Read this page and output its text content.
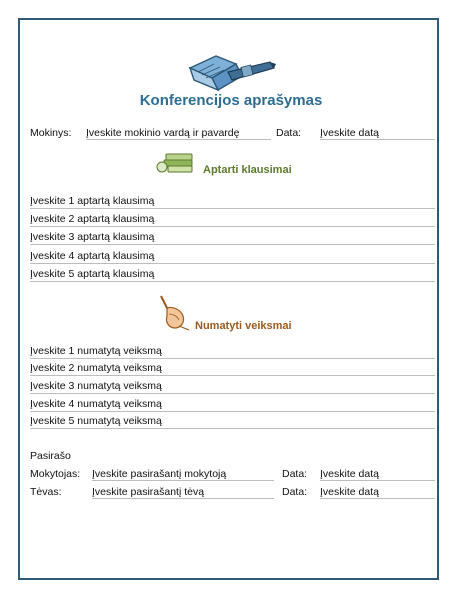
Konferencijos aprašymas
Mokinys: Įveskite mokinio vardą ir pavardę	Data: Įveskite datą
Aptarti klausimai
Įveskite 1 aptartą klausimą
Įveskite 2 aptartą klausimą
Įveskite 3 aptartą klausimą
Įveskite 4 aptartą klausimą
Įveskite 5 aptartą klausimą
Numatyti veiksmai
Įveskite 1 numatytą veiksmą
Įveskite 2 numatytą veiksmą
Įveskite 3 numatytą veiksmą
Įveskite 4 numatytą veiksmą
Įveskite 5 numatytą veiksmą
Pasirašo
Mokytojas: Įveskite pasirašantį mokytoją	Data: Įveskite datą
Tėvas:	Įveskite pasirašantį tėvą	Data: Įveskite datą
